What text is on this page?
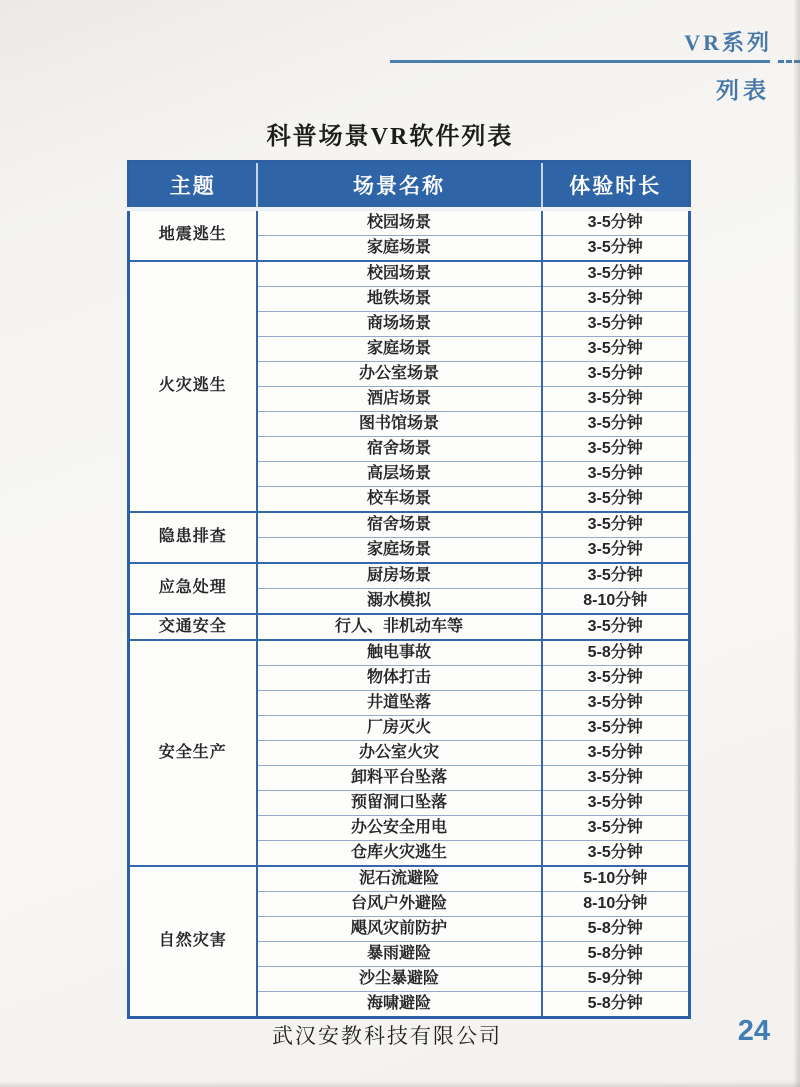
VR系列
列表
科普场景VR软件列表
主题	场景名称	体验时长
地震逃生	校园场景	3-5分钟
	家庭场景	3-5分钟
火灾逃生	校园场景	3-5分钟
	地铁场景	3-5分钟
	商场场景	3-5分钟
	家庭场景	3-5分钟
	办公室场景	3-5分钟
	酒店场景	3-5分钟
	图书馆场景	3-5分钟
	宿舍场景	3-5分钟
	高层场景	3-5分钟
	校车场景	3-5分钟
隐患排查	宿舍场景	3-5分钟
	家庭场景	3-5分钟
应急处理	厨房场景	3-5分钟
	溺水模拟	8-10分钟
交通安全	行人、非机动车等	3-5分钟
安全生产	触电事故	5-8分钟
	物体打击	3-5分钟
	井道坠落	3-5分钟
	厂房灭火	3-5分钟
	办公室火灾	3-5分钟
	卸料平台坠落	3-5分钟
	预留洞口坠落	3-5分钟
	办公安全用电	3-5分钟
	仓库火灾逃生	3-5分钟
自然灾害	泥石流避险	5-10分钟
	台风户外避险	8-10分钟
	飓风灾前防护	5-8分钟
	暴雨避险	5-8分钟
	沙尘暴避险	5-9分钟
	海啸避险	5-8分钟
武汉安教科技有限公司	24
